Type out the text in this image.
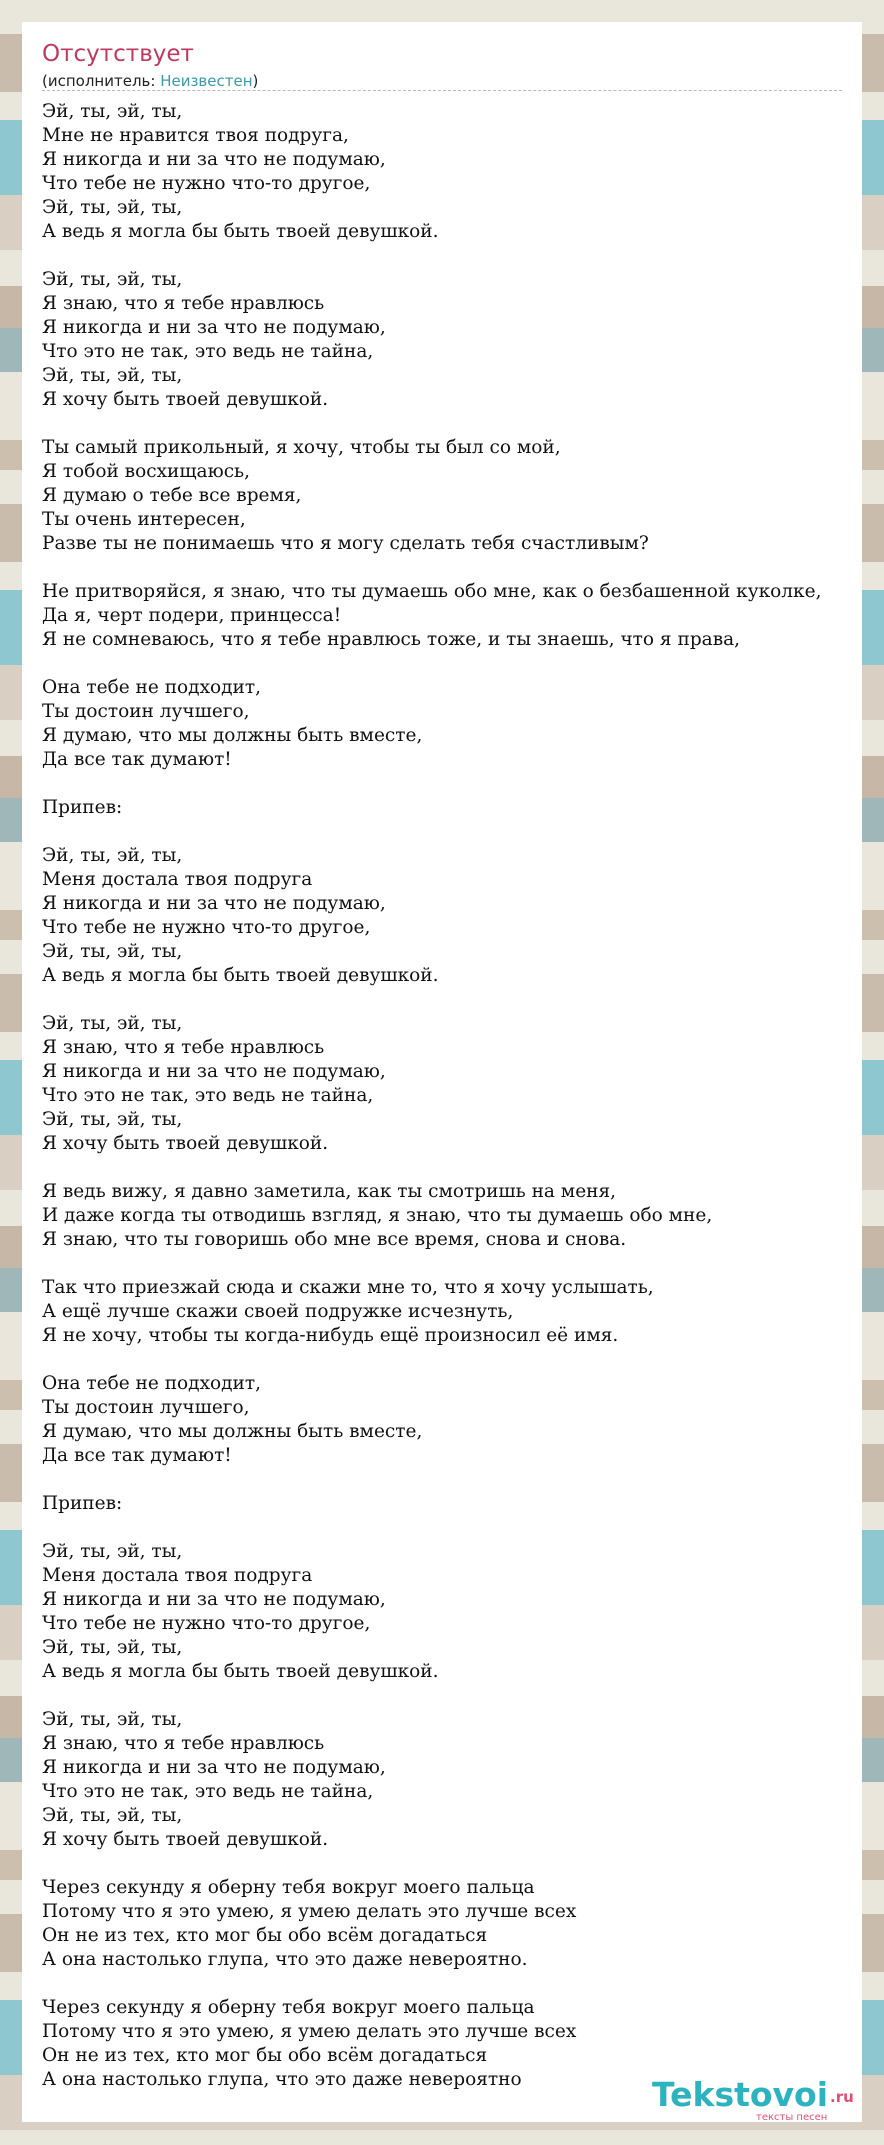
Отсутствует
(исполнитель: Неизвестен)
Эй, ты, эй, ты,
Мне не нравится твоя подруга,
Я никогда и ни за что не подумаю,
Что тебе не нужно что-то другое,
Эй, ты, эй, ты,
А ведь я могла бы быть твоей девушкой.
Эй, ты, эй, ты,
Я знаю, что я тебе нравлюсь
Я никогда и ни за что не подумаю,
Что это не так, это ведь не тайна,
Эй, ты, эй, ты,
Я хочу быть твоей девушкой.
Ты самый прикольный, я хочу, чтобы ты был со мой,
Я тобой восхищаюсь,
Я думаю о тебе все время,
Ты очень интересен,
Разве ты не понимаешь что я могу сделать тебя счастливым?
Не притворяйся, я знаю, что ты думаешь обо мне, как о безбашенной куколке,
Да я, черт подери, принцесса!
Я не сомневаюсь, что я тебе нравлюсь тоже, и ты знаешь, что я права,
Она тебе не подходит,
Ты достоин лучшего,
Я думаю, что мы должны быть вместе,
Да все так думают!
Припев:
Эй, ты, эй, ты,
Меня достала твоя подруга
Я никогда и ни за что не подумаю,
Что тебе не нужно что-то другое,
Эй, ты, эй, ты,
А ведь я могла бы быть твоей девушкой.
Эй, ты, эй, ты,
Я знаю, что я тебе нравлюсь
Я никогда и ни за что не подумаю,
Что это не так, это ведь не тайна,
Эй, ты, эй, ты,
Я хочу быть твоей девушкой.
Я ведь вижу, я давно заметила, как ты смотришь на меня,
И даже когда ты отводишь взгляд, я знаю, что ты думаешь обо мне,
Я знаю, что ты говоришь обо мне все время, снова и снова.
Так что приезжай сюда и скажи мне то, что я хочу услышать,
А ещё лучше скажи своей подружке исчезнуть,
Я не хочу, чтобы ты когда-нибудь ещё произносил её имя.
Она тебе не подходит,
Ты достоин лучшего,
Я думаю, что мы должны быть вместе,
Да все так думают!
Припев:
Эй, ты, эй, ты,
Меня достала твоя подруга
Я никогда и ни за что не подумаю,
Что тебе не нужно что-то другое,
Эй, ты, эй, ты,
А ведь я могла бы быть твоей девушкой.
Эй, ты, эй, ты,
Я знаю, что я тебе нравлюсь
Я никогда и ни за что не подумаю,
Что это не так, это ведь не тайна,
Эй, ты, эй, ты,
Я хочу быть твоей девушкой.
Через секунду я оберну тебя вокруг моего пальца
Потому что я это умею, я умею делать это лучше всех
Он не из тех, кто мог бы обо всём догадаться
А она настолько глупа, что это даже невероятно.
Через секунду я оберну тебя вокруг моего пальца
Потому что я это умею, я умею делать это лучше всех
Он не из тех, кто мог бы обо всём догадаться
А она настолько глупа, что это даже невероятно	Tekstovoi .ru
тексты песен
